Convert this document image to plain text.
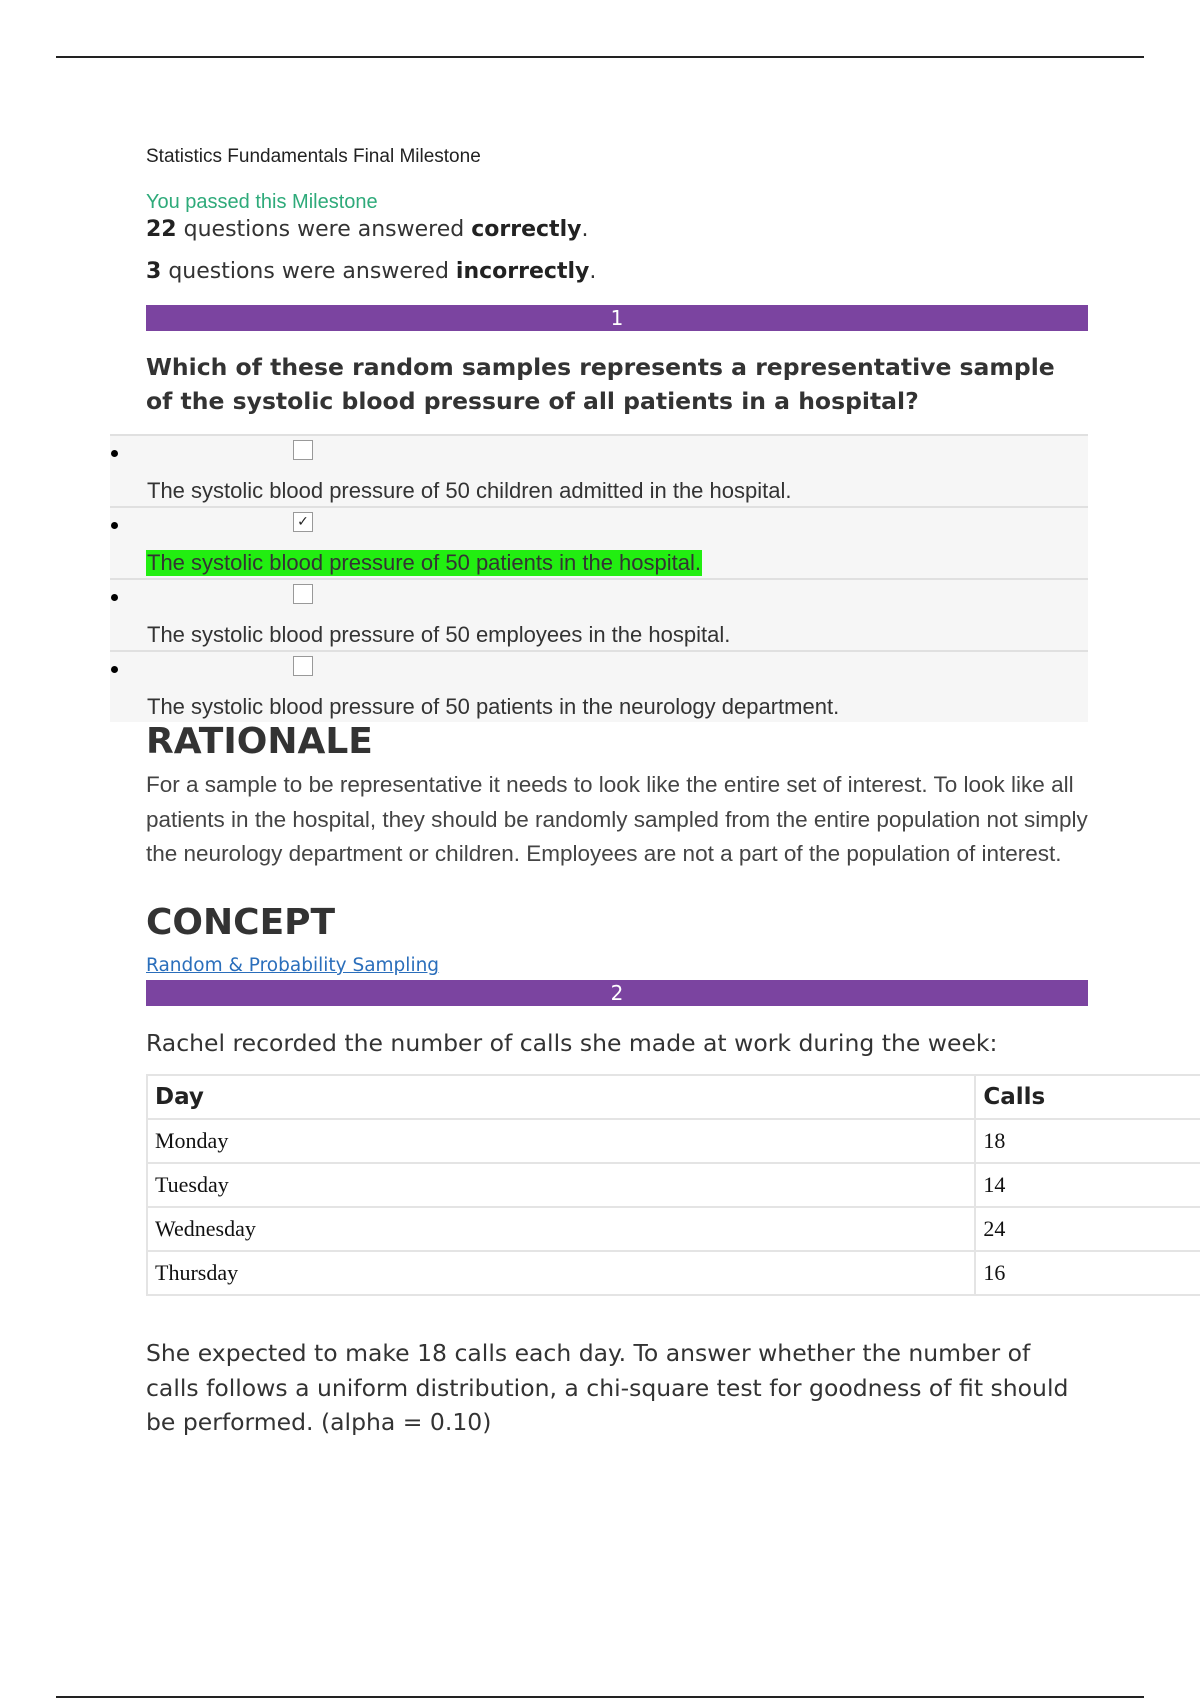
Statistics Fundamentals Final Milestone
You passed this Milestone
22 questions were answered correctly.
3 questions were answered incorrectly.
1
Which of these random samples represents a representative sample of the systolic blood pressure of all patients in a hospital?
The systolic blood pressure of 50 children admitted in the hospital.
✓
The systolic blood pressure of 50 patients in the hospital.
The systolic blood pressure of 50 employees in the hospital.
The systolic blood pressure of 50 patients in the neurology department.
RATIONALE
For a sample to be representative it needs to look like the entire set of interest. To look like all patients in the hospital, they should be randomly sampled from the entire population not simply the neurology department or children. Employees are not a part of the population of interest.
CONCEPT
Random & Probability Sampling
2
Rachel recorded the number of calls she made at work during the week:
Day	Calls
Monday	18
Tuesday	14
Wednesday	24
Thursday	16
She expected to make 18 calls each day. To answer whether the number of calls follows a uniform distribution, a chi-square test for goodness of fit should be performed. (alpha = 0.10)
